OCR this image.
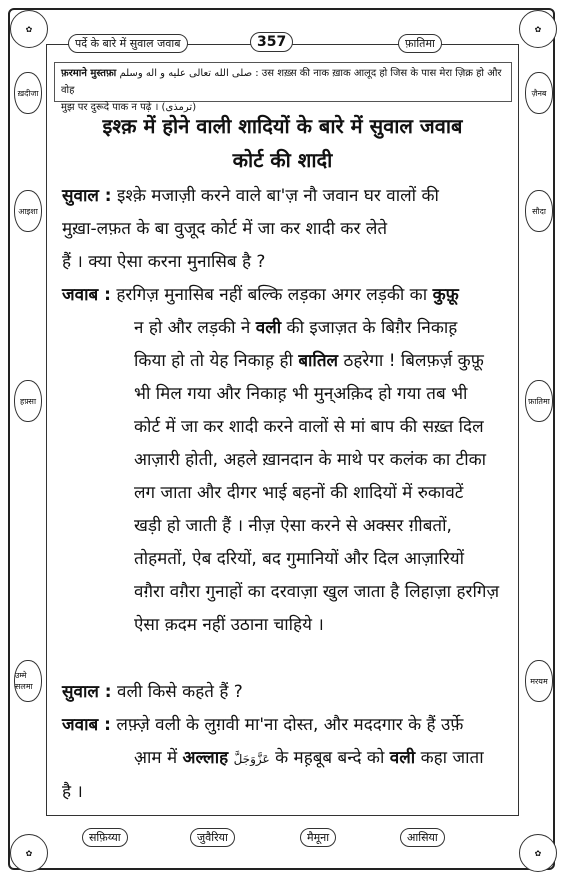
✿	✿
✿	✿
पर्दे के बारे में सुवाल जवाब	357	फ़ातिमा
ख़दीजा
आइशा
हफ़्सा
उम्मे सलमा
ज़ैनब
सौदा
फ़ातिमा
मरयम
फ़रमाने मुस्तफ़ा صلى الله تعالى عليه و اله وسلم : उस शख़्स की नाक ख़ाक आलूद हो जिस के पास मेरा ज़िक्र हो और वोह
मुझ पर दुरूदे पाक न पढ़े । (ترمذی)
इश्क़ में होने वाली शादियों के बारे में सुवाल जवाब
कोर्ट की शादी
सुवाल : इश्क़े मजाज़ी करने वाले बा'ज़ नौ जवान घर वालों की
मुख़ा-लफ़त के बा वुजूद कोर्ट में जा कर शादी कर लेते
हैं । क्या ऐसा करना मुनासिब है ?
जवाब : हरगिज़ मुनासिब नहीं बल्कि लड़का अगर लड़की का कुफ़ू
न हो और लड़की ने वली की इजाज़त के बिग़ैर निकाह़
किया हो तो येह निकाह़ ही बातिल ठहरेगा ! बिलफ़र्ज़ कुफ़ू
भी मिल गया और निकाह़ भी मुन्अक़िद हो गया तब भी
कोर्ट में जा कर शादी करने वालों से मां बाप की सख़्त दिल
आज़ारी होती, अहले ख़ानदान के माथे पर कलंक का टीका
लग जाता और दीगर भाई बहनों की शादियों में रुकावटें
खड़ी हो जाती हैं । नीज़ ऐसा करने से अक्सर ग़ीबतों,
तोहमतों, ऐब दरियों, बद गुमानियों और दिल आज़ारियों
वग़ैरा वग़ैरा गुनाहों का दरवाज़ा खुल जाता है लिहाज़ा हरगिज़
ऐसा क़दम नहीं उठाना चाहिये ।
सुवाल : वली किसे कहते हैं ?
जवाब : लफ़्ज़े वली के लुग़वी मा'ना दोस्त, और मददगार के हैं उर्फ़े
आ़म में अल्लाह عَزَّوَجَلَّ के मह़बूब बन्दे को वली कहा जाता
है ।
सफ़िय्या	जुवैरिया	मैमूना	आसिया
